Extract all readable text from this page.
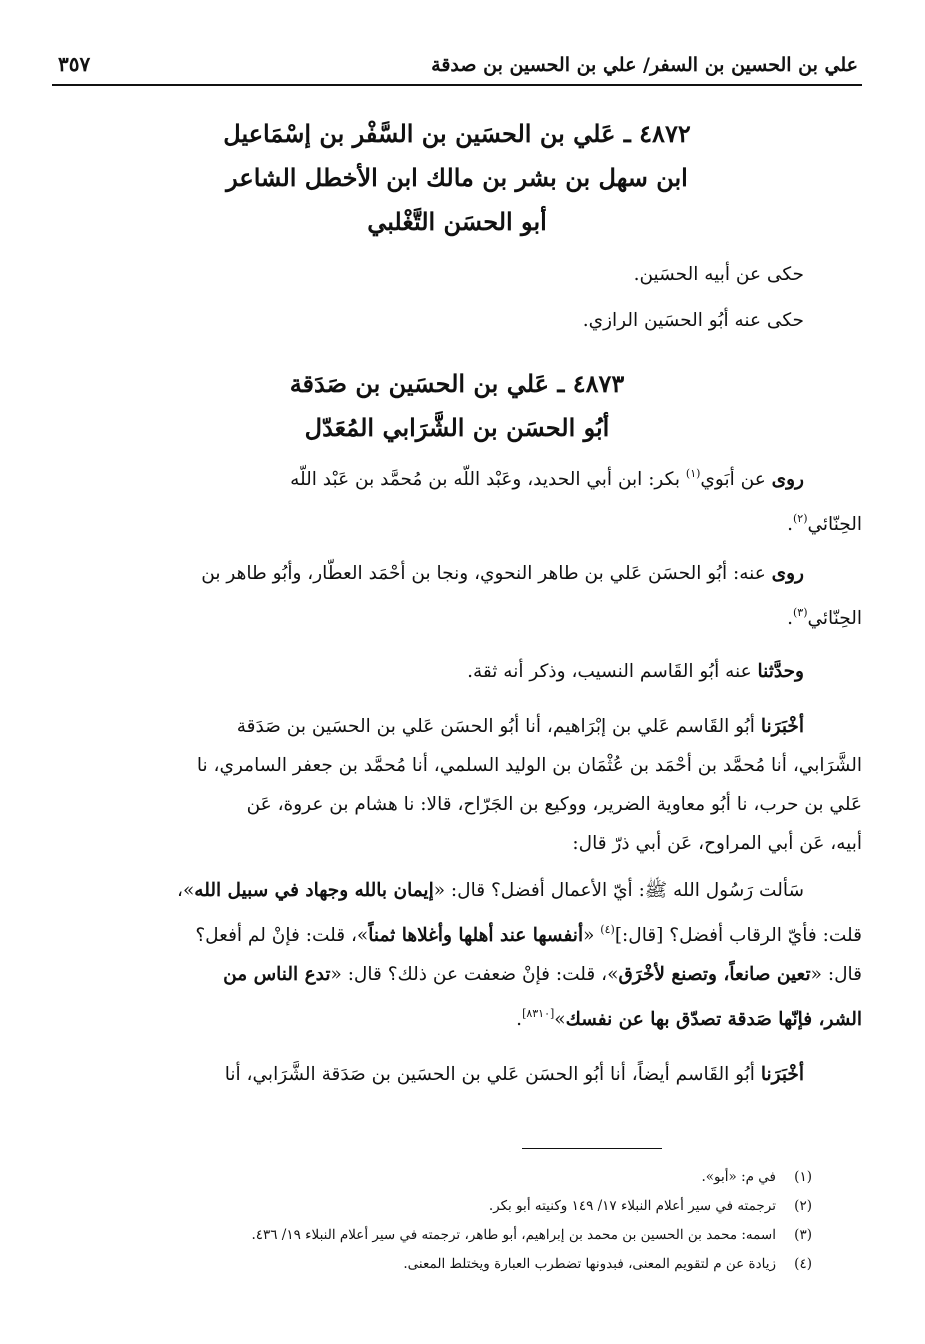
علي بن الحسين بن السفر/ علي بن الحسين بن صدقة
٣٥٧

٤٨٧٢ ـ عَلي بن الحسَين بن السَّفْر بن إسْمَاعيل

ابن سهل بن بشر بن مالك ابن الأخطل الشاعر

أبو الحسَن التَّغْلبي

حكى عن أبيه الحسَين.

حكى عنه أبُو الحسَين الرازي.

٤٨٧٣ ـ عَلي بن الحسَين بن صَدَقة

أبُو الحسَن بن الشَّرَابي المُعَدّل

روى عن أبَوي$^{(١)}$ بكر: ابن أبي الحديد، وعَبْد اللّه بن مُحمَّد بن عَبْد اللّه

الحِنّائي$^{(٢)}$.

روى عنه: أبُو الحسَن عَلي بن طاهر النحوي، ونجا بن أحْمَد العطّار، وأبُو طاهر بن

الحِنّائي$^{(٣)}$.

وحدَّثنا عنه أبُو القَاسم النسيب، وذكر أنه ثقة.

أخْبَرَنا أبُو القَاسم عَلي بن إبْرَاهيم، أنا أبُو الحسَن عَلي بن الحسَين بن صَدَقة

الشَّرَابي، أنا مُحمَّد بن أحْمَد بن عُثْمَان بن الوليد السلمي، أنا مُحمَّد بن جعفر السامري، نا

عَلي بن حرب، نا أبُو معاوية الضرير، ووكيع بن الجَرّاح، قالا: نا هشام بن عروة، عَن

أبيه، عَن أبي المراوح، عَن أبي ذرّ قال:

سَألت رَسُول الله ﷺ: أيّ الأعمال أفضل؟ قال: «إيمان بالله وجهاد في سبيل الله»،

قلت: فأيّ الرقاب أفضل؟ [قال:]$^{(٤)}$ «أنفسها عند أهلها وأغلاها ثمناً»، قلت: فإنْ لم أفعل؟

قال: «تعين صانعاً، وتصنع لأخْرَق»، قلت: فإنْ ضعفت عن ذلك؟ قال: «تدع الناس من

الشر، فإنّها صَدقة تصدّق بها عن نفسك»[٨٣١٠].

أخْبَرَنا أبُو القَاسم أيضاً، أنا أبُو الحسَن عَلي بن الحسَين بن صَدَقة الشَّرَابي، أنا

(١)
في م: «أبو».

(٢)
ترجمته في سير أعلام النبلاء ١٧/ ١٤٩ وكنيته أبو بكر.

(٣)
اسمه: محمد بن الحسين بن محمد بن إبراهيم، أبو طاهر، ترجمته في سير أعلام النبلاء ١٩/ ٤٣٦.

(٤)
زيادة عن م لتقويم المعنى، فبدونها تضطرب العبارة ويختلط المعنى.
